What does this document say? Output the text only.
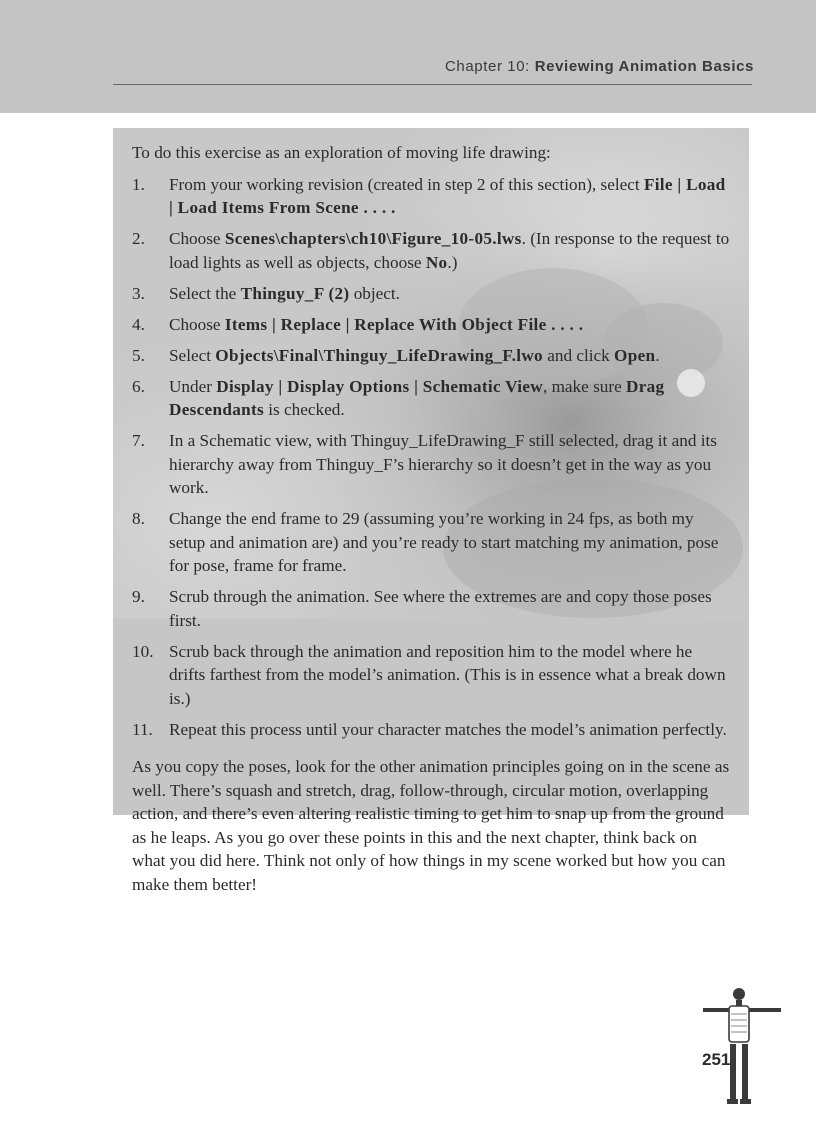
Chapter 10: Reviewing Animation Basics

To do this exercise as an exploration of moving life drawing:

1. From your working revision (created in step 2 of this section), select File | Load | Load Items From Scene . . . .
2. Choose Scenes\chapters\ch10\Figure_10-05.lws. (In response to the request to load lights as well as objects, choose No.)
3. Select the Thinguy_F (2) object.
4. Choose Items | Replace | Replace With Object File . . . .
5. Select Objects\Final\Thinguy_LifeDrawing_F.lwo and click Open.
6. Under Display | Display Options | Schematic View, make sure Drag Descendants is checked.
7. In a Schematic view, with Thinguy_LifeDrawing_F still selected, drag it and its hierarchy away from Thinguy_F’s hierarchy so it doesn’t get in the way as you work.
8. Change the end frame to 29 (assuming you’re working in 24 fps, as both my setup and animation are) and you’re ready to start matching my animation, pose for pose, frame for frame.
9. Scrub through the animation. See where the extremes are and copy those poses first.
10. Scrub back through the animation and reposition him to the model where he drifts farthest from the model’s animation. (This is in essence what a break down is.)
11. Repeat this process until your character matches the model’s animation perfectly.

As you copy the poses, look for the other animation principles going on in the scene as well. There’s squash and stretch, drag, follow-through, circular motion, overlapping action, and there’s even altering realistic timing to get him to snap up from the ground as he leaps. As you go over these points in this and the next chapter, think back on what you did here. Think not only of how things in my scene worked but how you can make them better!

251
